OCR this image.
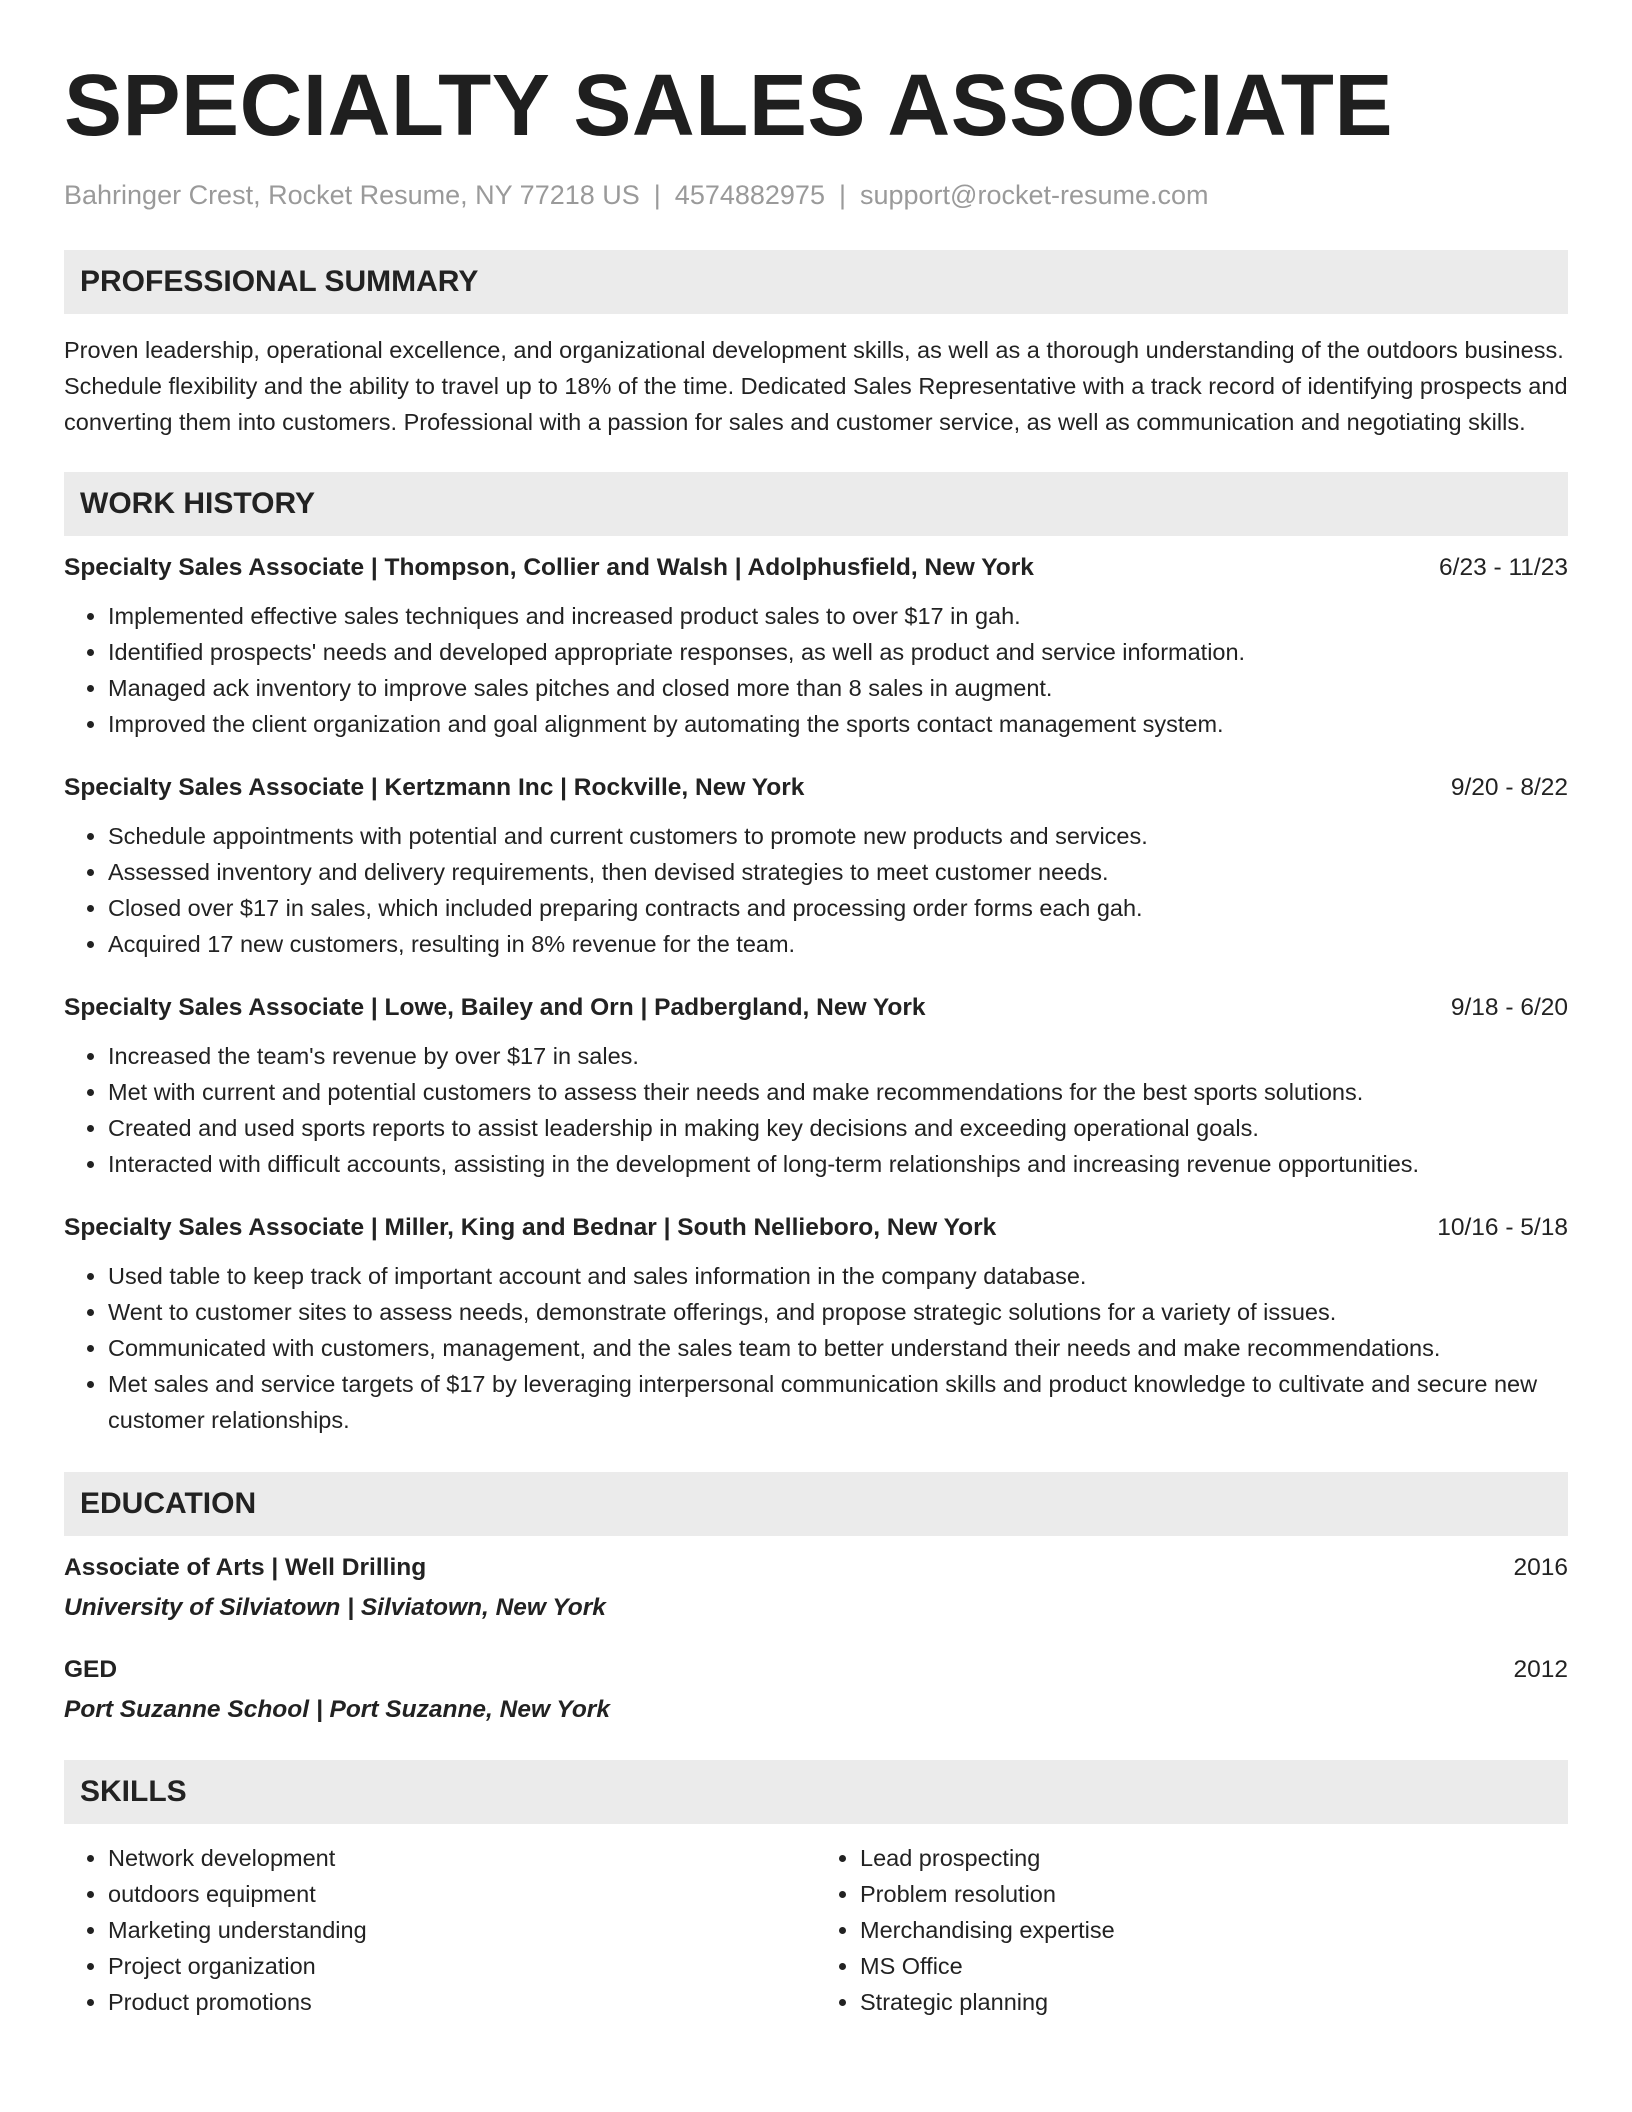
SPECIALTY SALES ASSOCIATE
Bahringer Crest, Rocket Resume, NY 77218 US | 4574882975 | support@rocket-resume.com
PROFESSIONAL SUMMARY
Proven leadership, operational excellence, and organizational development skills, as well as a thorough understanding of the outdoors business. Schedule flexibility and the ability to travel up to 18% of the time. Dedicated Sales Representative with a track record of identifying prospects and converting them into customers. Professional with a passion for sales and customer service, as well as communication and negotiating skills.
WORK HISTORY
Specialty Sales Associate | Thompson, Collier and Walsh | Adolphusfield, New York	6/23 - 11/23
• Implemented effective sales techniques and increased product sales to over $17 in gah.
• Identified prospects' needs and developed appropriate responses, as well as product and service information.
• Managed ack inventory to improve sales pitches and closed more than 8 sales in augment.
• Improved the client organization and goal alignment by automating the sports contact management system.
Specialty Sales Associate | Kertzmann Inc | Rockville, New York	9/20 - 8/22
• Schedule appointments with potential and current customers to promote new products and services.
• Assessed inventory and delivery requirements, then devised strategies to meet customer needs.
• Closed over $17 in sales, which included preparing contracts and processing order forms each gah.
• Acquired 17 new customers, resulting in 8% revenue for the team.
Specialty Sales Associate | Lowe, Bailey and Orn | Padbergland, New York	9/18 - 6/20
• Increased the team's revenue by over $17 in sales.
• Met with current and potential customers to assess their needs and make recommendations for the best sports solutions.
• Created and used sports reports to assist leadership in making key decisions and exceeding operational goals.
• Interacted with difficult accounts, assisting in the development of long-term relationships and increasing revenue opportunities.
Specialty Sales Associate | Miller, King and Bednar | South Nellieboro, New York	10/16 - 5/18
• Used table to keep track of important account and sales information in the company database.
• Went to customer sites to assess needs, demonstrate offerings, and propose strategic solutions for a variety of issues.
• Communicated with customers, management, and the sales team to better understand their needs and make recommendations.
• Met sales and service targets of $17 by leveraging interpersonal communication skills and product knowledge to cultivate and secure new customer relationships.
EDUCATION
Associate of Arts | Well Drilling	2016
University of Silviatown | Silviatown, New York
GED	2012
Port Suzanne School | Port Suzanne, New York
SKILLS
• Network development
• outdoors equipment
• Marketing understanding
• Project organization
• Product promotions
• Lead prospecting
• Problem resolution
• Merchandising expertise
• MS Office
• Strategic planning
